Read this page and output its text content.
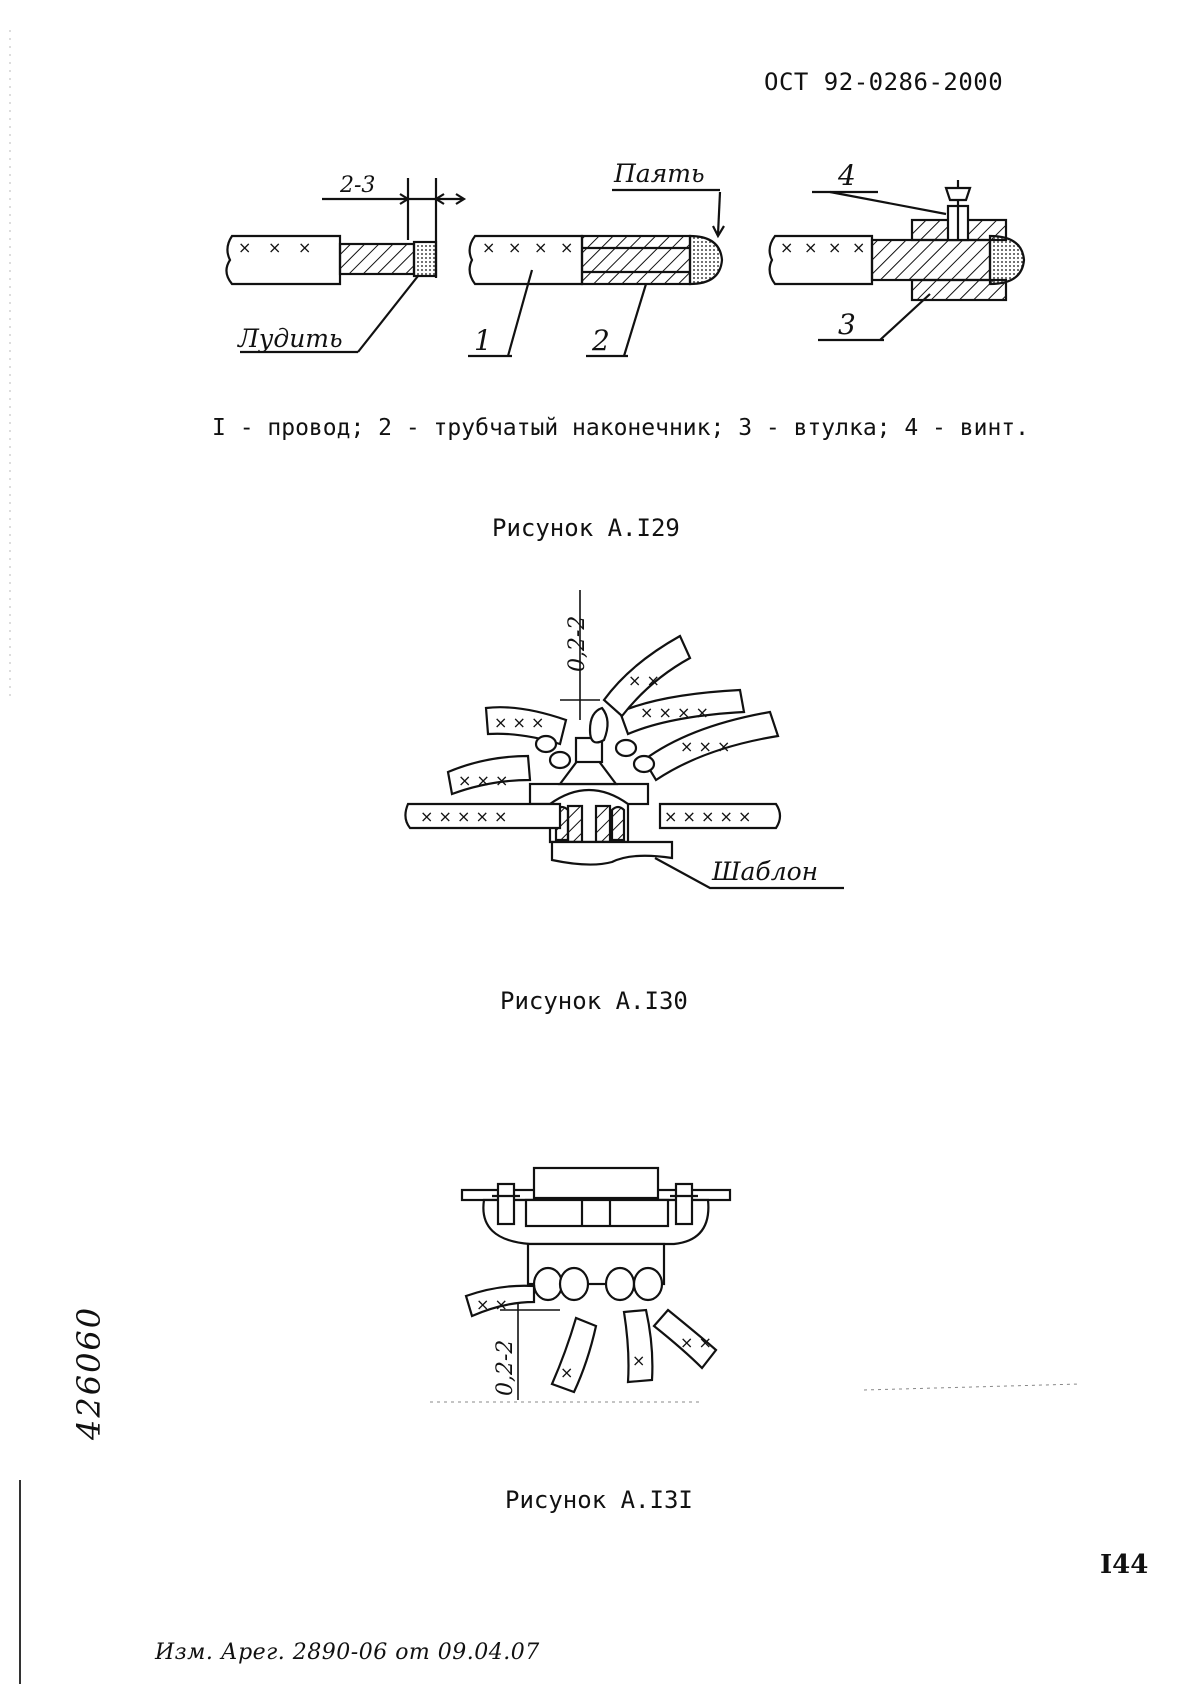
ОСТ 92-0286-2000
× × ×	× × × ×	× × × ×
2-3	Паять
Лудить	1	2	3
4
× × × × ×	× × × × ×
× × ×
× × ×
× × × ×
× × ×
× ×
0,2-2
Шаблон
× ×
×
×
× ×
0,2-2
I - провод; 2 - трубчатый наконечник; 3 - втулка; 4 - винт.
Рисунок А.I29
Рисунок А.I30
Рисунок А.I3I
I44
426060
Изм. Арег. 2890-06 от 09.04.07
